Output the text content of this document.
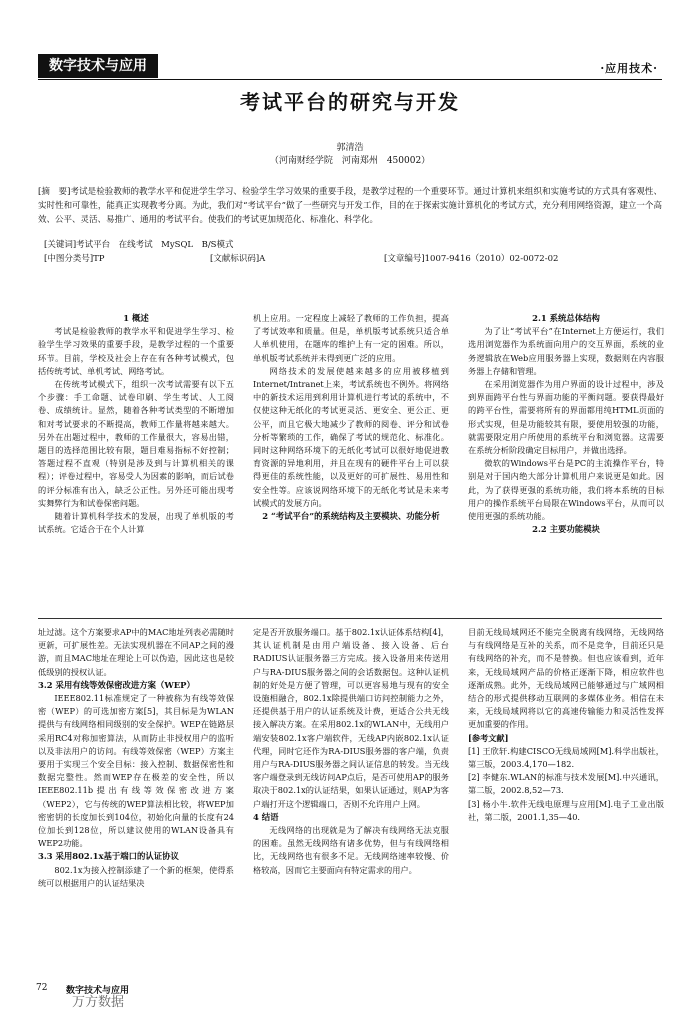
数字技术与应用	·应用技术·
考试平台的研究与开发
郭清浩
（河南财经学院　河南郑州　450002）
[摘　要]考试是检验教师的教学水平和促进学生学习、检验学生学习效果的重要手段，是教学过程的一个重要环节。通过计算机来组织和实施考试的方式具有客观性、实时性和可靠性，能真正实现教考分离。为此，我们对“考试平台”做了一些研究与开发工作，目的在于探索实施计算机化的考试方式，充分利用网络资源，建立一个高效、公平、灵活、易推广、通用的考试平台。使我们的考试更加规范化、标准化、科学化。
[关键词]考试平台　在线考试　MySQL　B/S模式
[中图分类号]TP	[文献标识码]A	[文章编号]1007-9416（2010）02-0072-02
1 概述

考试是检验教师的教学水平和促进学生学习、检验学生学习效果的重要手段，是教学过程的一个重要环节。目前，学校及社会上存在有各种考试模式，包括传统考试、单机考试、网络考试。

在传统考试模式下，组织一次考试需要有以下五个步骤：手工命题、试卷印刷、学生考试、人工阅卷、成绩统计。显然，随着各种考试类型的不断增加和对考试要求的不断提高，教师工作量将越来越大。另外在出题过程中，教师的工作量很大，容易出错，题目的选择范围比较有限，题目难易指标不好控制；答题过程不直观（特别是涉及到与计算机相关的课程）；评卷过程中，容易受人为因素的影响，而后试卷的评分标准有出入，缺乏公正性。另外还可能出现考实舞弊行为和试卷保密问题。

随着计算机科学技术的发展，出现了单机版的考试系统。它适合于在个人计算

机上应用。一定程度上减轻了教师的工作负担，提高了考试效率和质量。但是，单机版考试系统只适合单人单机使用，在题库的维护上有一定的困难。所以，单机版考试系统并未得到更广泛的应用。

网络技术的发展使越来越多的应用被移植到Internet/Intranet上来，考试系统也不例外。将网络中的新技术运用到利用计算机进行考试的系统中，不仅使这种无纸化的考试更灵活、更安全、更公正、更公平，而且它极大地减少了教师的阅卷、评分和试卷分析等繁琐的工作，确保了考试的规范化、标准化。同时这种网络环境下的无纸化考试可以很好地促进教育资源的异地利用，并且在现有的硬件平台上可以获得更佳的系统性能，以及更好的可扩展性、易用性和安全性等。应该说网络环境下的无纸化考试是未来考试模式的发展方向。

2 “考试平台”的系统结构及主要模块、功能分析
2.1 系统总体结构

为了让“考试平台”在Internet上方便运行，我们选用浏览器作为系统面向用户的交互界面，系统的业务逻辑放在Web应用服务器上实现，数据则在内容服务器上存储和管理。

在采用浏览器作为用户界面的设计过程中，涉及到界面跨平台性与界面功能的平衡问题。要获得最好的跨平台性，需要将所有的界面都用纯HTML页面的形式实现，但是功能较其有限，要使用较强的功能，就需要限定用户所使用的系统平台和浏览器。这需要在系统分析阶段确定目标用户，并做出选择。

微软的Windows平台是PC的主流操作平台，特别是对于国内绝大部分计算机用户来说更是如此。因此，为了获得更强的系统功能，我们将本系统的目标用户的操作系统平台局限在Windows平台，从而可以使用更强的系统功能。

2.2 主要功能模块

址过滤。这个方案要求AP中的MAC地址列表必需随时更新，可扩展性差。无法实现机器在不同AP之间的漫游，而且MAC地址在理论上可以伪造，因此这也是较低级别的授权认证。

3.2 采用有线等效保密改进方案（WEP）

IEEE802.11标准规定了一种被称为有线等效保密（WEP）的可选加密方案[5]，其目标是为WLAN提供与有线网络相同级别的安全保护。WEP在链路层采用RC4对称加密算法，从而防止非授权用户的监听以及非法用户的访问。有线等效保密（WEP）方案主要用于实现三个安全目标：接入控制、数据保密性和数据完整性。然而WEP存在极差的安全性，所以IEEE802.11b提出有线等效保密改进方案（WEP2），它与传统的WEP算法相比较，将WEP加密密钥的长度加长到104位，初始化向量的长度有24位加长到128位，所以建议使用的WLAN设备具有WEP2功能。

3.3 采用802.1x基于端口的认证协议

802.1x为接入控制添建了一个新的框架，使得系统可以根据用户的认证结果决

定是否开放服务端口。基于802.1x认证体系结构[4]，其认证机制是由用户端设备、接入设备、后台RADIUS认证服务器三方完成。接入设备用来传送用户与RA-DIUS服务器之间的会话数据包。这种认证机制的好处是方便了管理，可以更容易地与现有的安全设施相融合，802.1x除提供端口访问控制能力之外，还提供基于用户的认证系统及计费，更适合公共无线接入解决方案。在采用802.1x的WLAN中，无线用户端安装802.1x客户端软件，无线AP内嵌802.1x认证代理，同时它还作为RA-DIUS服务器的客户端，负责用户与RA-DIUS服务器之间认证信息的转发。当无线客户端登录到无线访问AP点后，是否可使用AP的服务取决于802.1x的认证结果，如果认证通过，则AP为客户端打开这个逻辑端口，否则不允许用户上网。

4 结语

无线网络的出现就是为了解决有线网络无法克服的困难。虽然无线网络有诸多优势，但与有线网络相比，无线网络也有很多不足。无线网络速率较慢、价格较高，因而它主要面向有特定需求的用户。

目前无线局域网还不能完全脱离有线网络，无线网络与有线网络是互补的关系，而不是竞争，目前还只是有线网络的补充，而不是替换。但也应该看到，近年来，无线局域网产品的价格正逐渐下降，相应软件也逐渐成熟。此外，无线局域网已能够通过与广域网相结合的形式提供移动互联网的多媒体业务。相信在未来，无线局域网将以它的高速传输能力和灵活性发挥更加重要的作用。

[参考文献]

[1] 王欣轩.构建CISCO无线局域网[M].科学出版社，第三版，2003.4,170—182.

[2] 李健东.WLAN的标准与技术发展[M].中兴通讯，第二版，2002.8,52—73.

[3] 杨小牛.软件无线电原理与应用[M].电子工业出版社，第二版，2001.1,35—40.

72 数字技术与应用
万方数据
